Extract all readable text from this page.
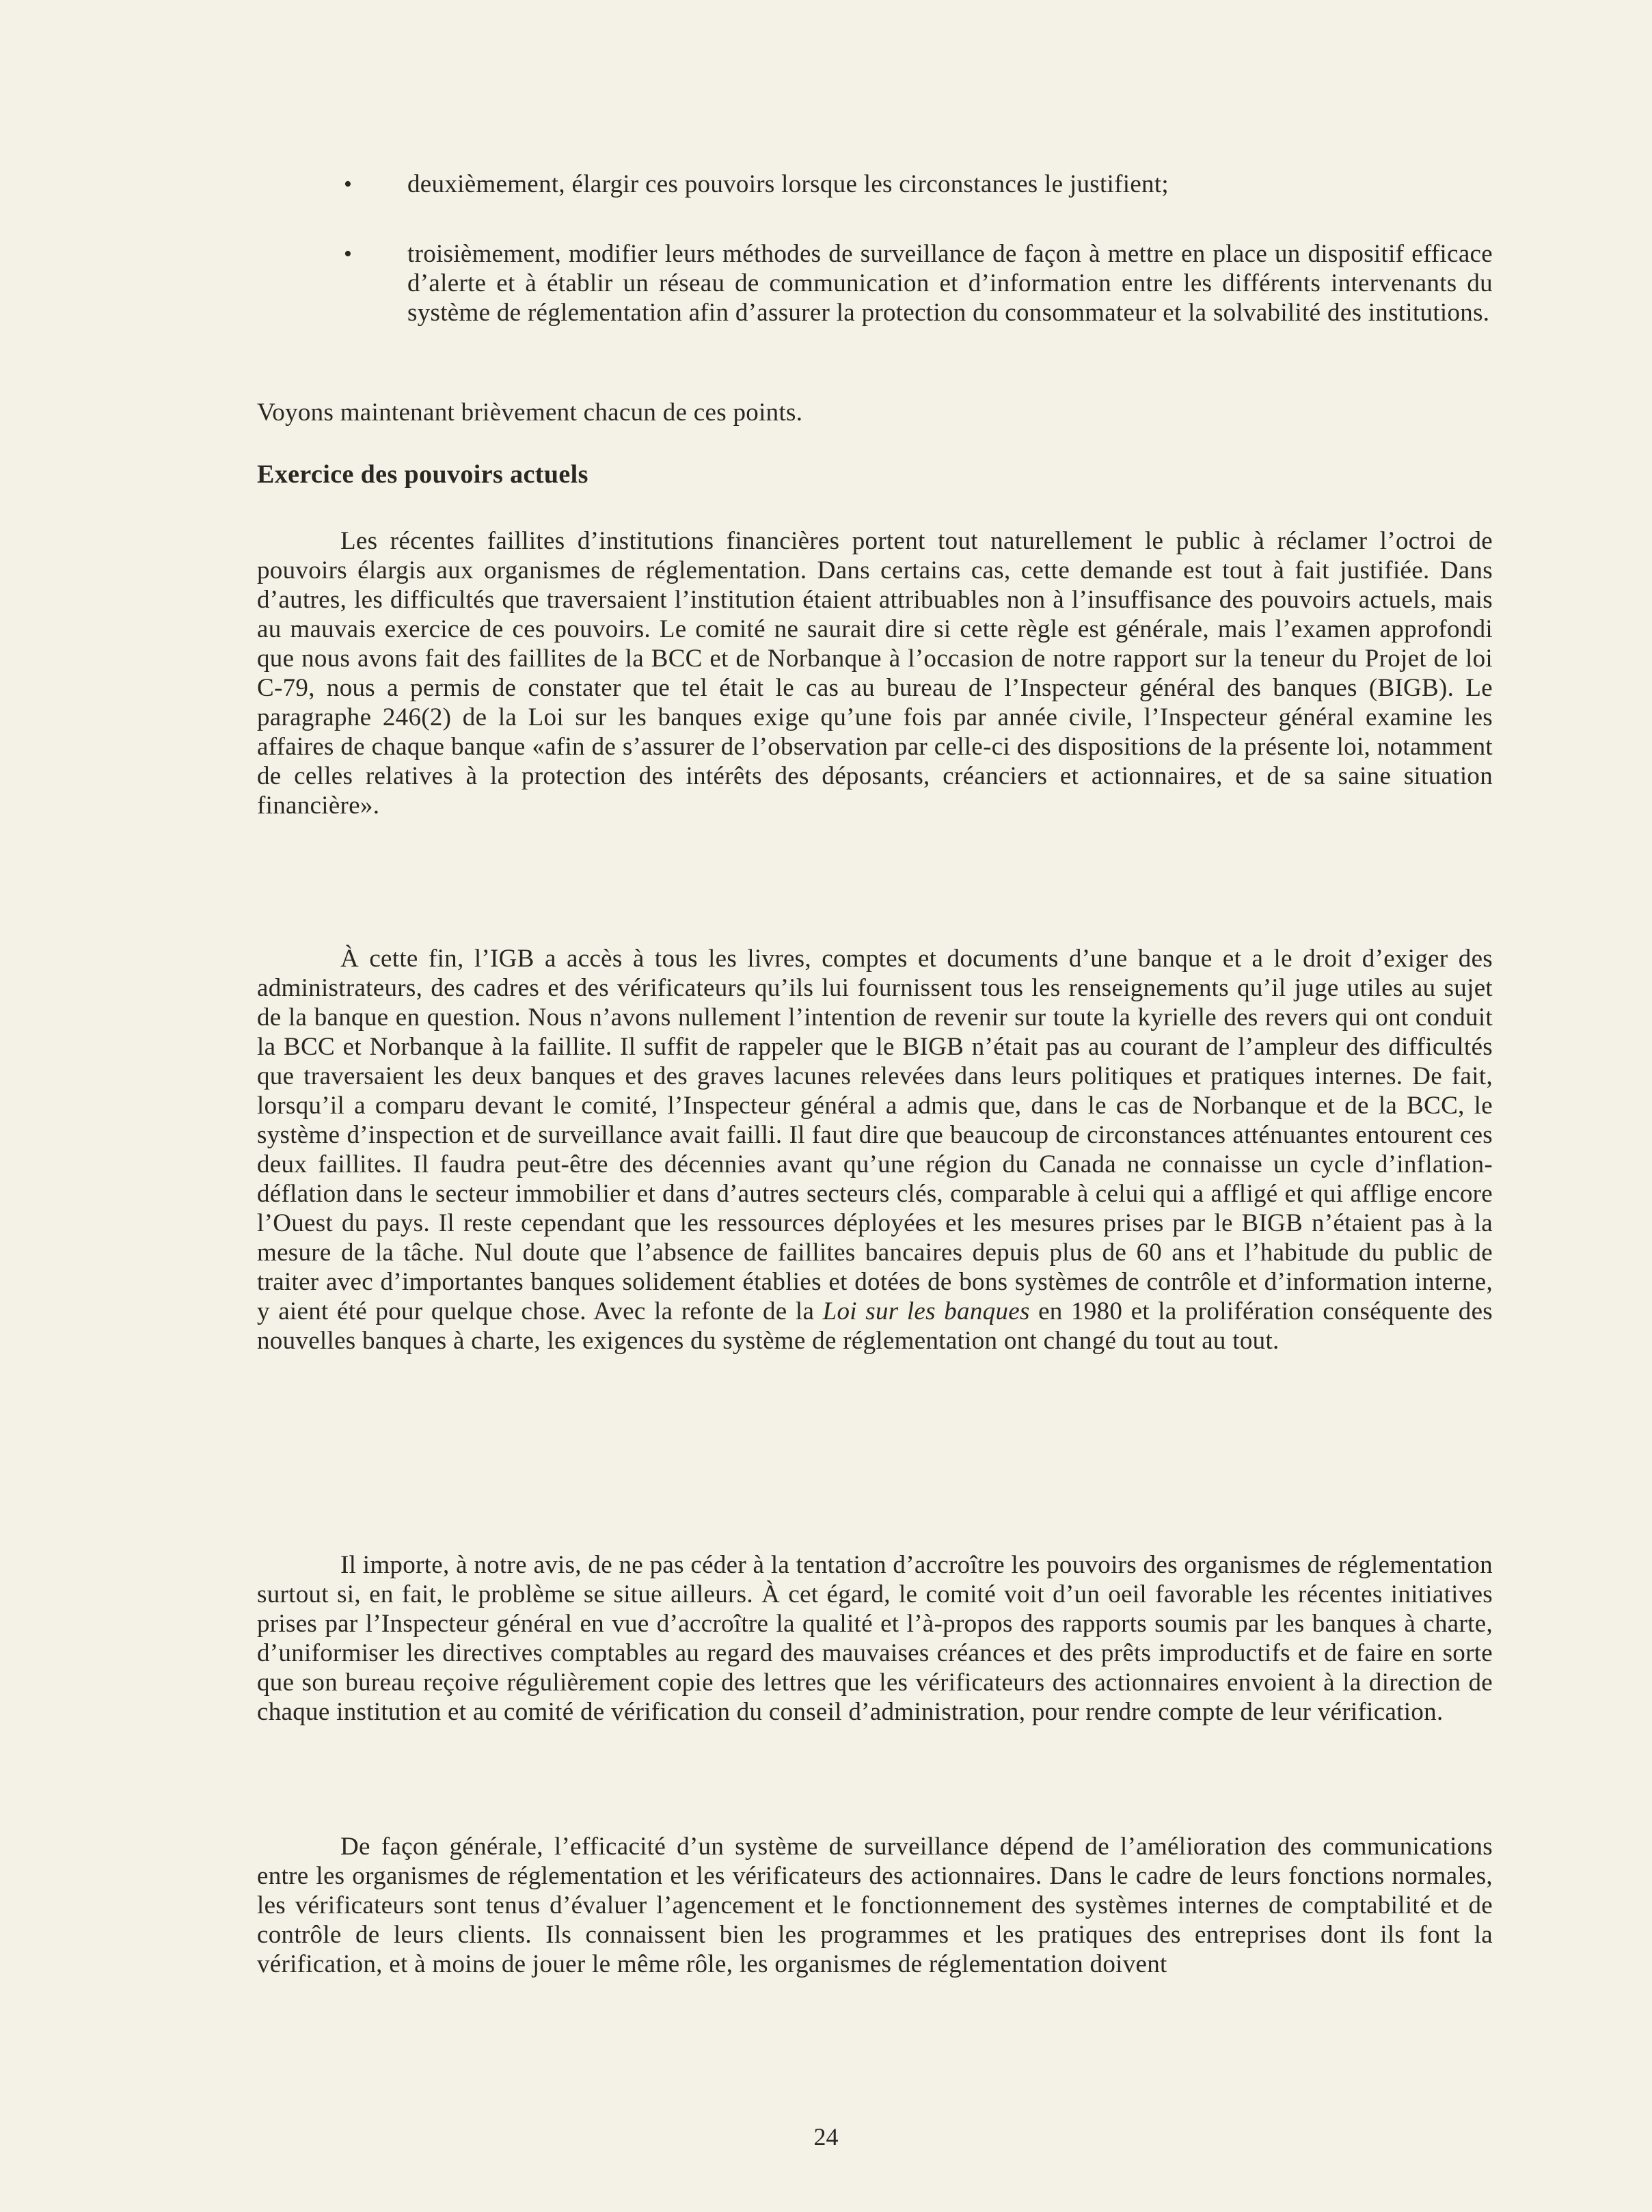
• deuxièmement, élargir ces pouvoirs lorsque les circonstances le justifient;
• troisièmement, modifier leurs méthodes de surveillance de façon à mettre en place un dispositif efficace d’alerte et à établir un réseau de communication et d’information entre les différents intervenants du système de réglementation afin d’assurer la protection du consommateur et la solvabilité des institutions.

Voyons maintenant brièvement chacun de ces points.

Exercice des pouvoirs actuels

Les récentes faillites d’institutions financières portent tout naturellement le public à réclamer l’octroi de pouvoirs élargis aux organismes de réglementation. Dans certains cas, cette demande est tout à fait justifiée. Dans d’autres, les difficultés que traversaient l’institution étaient attribuables non à l’insuffisance des pouvoirs actuels, mais au mauvais exercice de ces pouvoirs. Le comité ne saurait dire si cette règle est générale, mais l’examen approfondi que nous avons fait des faillites de la BCC et de Norbanque à l’occasion de notre rapport sur la teneur du Projet de loi C-79, nous a permis de constater que tel était le cas au bureau de l’Inspecteur général des banques (BIGB). Le paragraphe 246(2) de la Loi sur les banques exige qu’une fois par année civile, l’Inspecteur général examine les affaires de chaque banque «afin de s’assurer de l’observation par celle-ci des dispositions de la présente loi, notamment de celles relatives à la protection des intérêts des déposants, créanciers et actionnaires, et de sa saine situation financière».

À cette fin, l’IGB a accès à tous les livres, comptes et documents d’une banque et a le droit d’exiger des administrateurs, des cadres et des vérificateurs qu’ils lui fournissent tous les renseignements qu’il juge utiles au sujet de la banque en question. Nous n’avons nullement l’intention de revenir sur toute la kyrielle des revers qui ont conduit la BCC et Norbanque à la faillite. Il suffit de rappeler que le BIGB n’était pas au courant de l’ampleur des difficultés que traversaient les deux banques et des graves lacunes relevées dans leurs politiques et pratiques internes. De fait, lorsqu’il a comparu devant le comité, l’Inspecteur général a admis que, dans le cas de Norbanque et de la BCC, le système d’inspection et de surveillance avait failli. Il faut dire que beaucoup de circonstances atténuantes entourent ces deux faillites. Il faudra peut-être des décennies avant qu’une région du Canada ne connaisse un cycle d’inflation-déflation dans le secteur immobilier et dans d’autres secteurs clés, comparable à celui qui a affligé et qui afflige encore l’Ouest du pays. Il reste cependant que les ressources déployées et les mesures prises par le BIGB n’étaient pas à la mesure de la tâche. Nul doute que l’absence de faillites bancaires depuis plus de 60 ans et l’habitude du public de traiter avec d’importantes banques solidement établies et dotées de bons systèmes de contrôle et d’information interne, y aient été pour quelque chose. Avec la refonte de la Loi sur les banques en 1980 et la prolifération conséquente des nouvelles banques à charte, les exigences du système de réglementation ont changé du tout au tout.

Il importe, à notre avis, de ne pas céder à la tentation d’accroître les pouvoirs des organismes de réglementation surtout si, en fait, le problème se situe ailleurs. À cet égard, le comité voit d’un oeil favorable les récentes initiatives prises par l’Inspecteur général en vue d’accroître la qualité et l’à-propos des rapports soumis par les banques à charte, d’uniformiser les directives comptables au regard des mauvaises créances et des prêts improductifs et de faire en sorte que son bureau reçoive régulièrement copie des lettres que les vérificateurs des actionnaires envoient à la direction de chaque institution et au comité de vérification du conseil d’administration, pour rendre compte de leur vérification.

De façon générale, l’efficacité d’un système de surveillance dépend de l’amélioration des communications entre les organismes de réglementation et les vérificateurs des actionnaires. Dans le cadre de leurs fonctions normales, les vérificateurs sont tenus d’évaluer l’agencement et le fonctionnement des systèmes internes de comptabilité et de contrôle de leurs clients. Ils connaissent bien les programmes et les pratiques des entreprises dont ils font la vérification, et à moins de jouer le même rôle, les organismes de réglementation doivent

24
